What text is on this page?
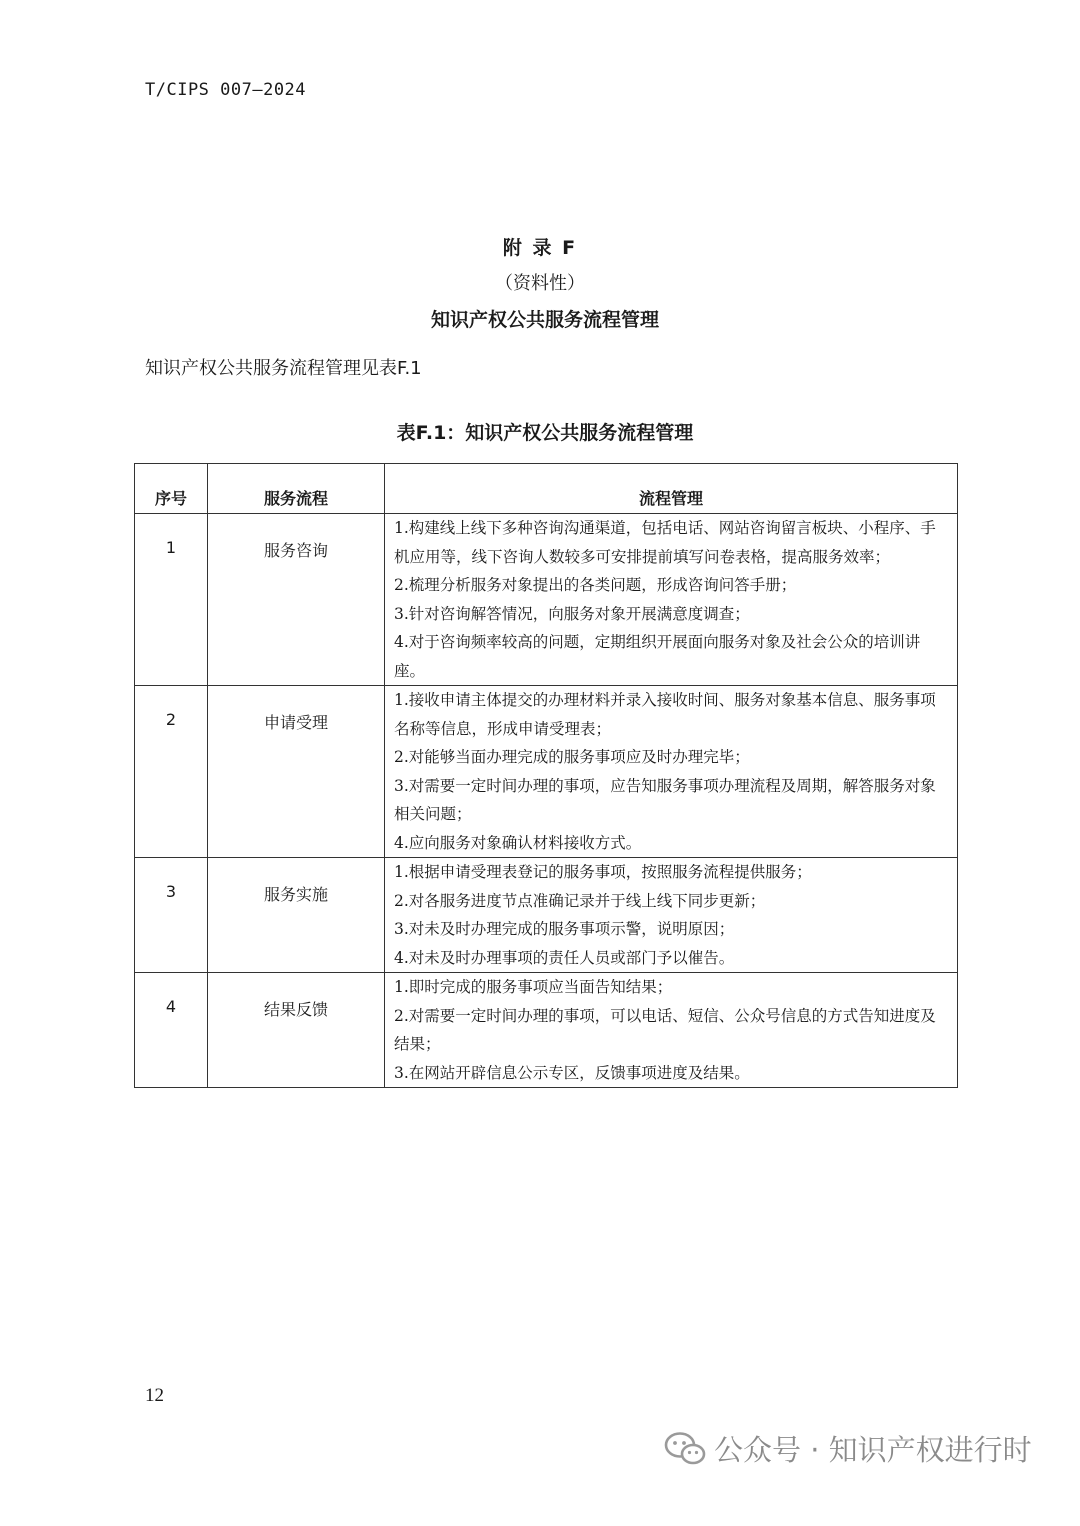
T/CIPS 007—2024
附 录 F
（资料性）
知识产权公共服务流程管理
知识产权公共服务流程管理见表F.1
表F.1：知识产权公共服务流程管理
序号	服务流程	流程管理
1	服务咨询	1.构建线上线下多种咨询沟通渠道，包括电话、网站咨询留言板块、小程序、手机应用等，线下咨询人数较多可安排提前填写问卷表格，提高服务效率；
2.梳理分析服务对象提出的各类问题，形成咨询问答手册；
3.针对咨询解答情况，向服务对象开展满意度调查；
4.对于咨询频率较高的问题，定期组织开展面向服务对象及社会公众的培训讲座。

2	申请受理	1.接收申请主体提交的办理材料并录入接收时间、服务对象基本信息、服务事项名称等信息，形成申请受理表；
2.对能够当面办理完成的服务事项应及时办理完毕；
3.对需要一定时间办理的事项，应告知服务事项办理流程及周期，解答服务对象相关问题；
4.应向服务对象确认材料接收方式。

3	服务实施	1.根据申请受理表登记的服务事项，按照服务流程提供服务；
2.对各服务进度节点准确记录并于线上线下同步更新；
3.对未及时办理完成的服务事项示警，说明原因；
4.对未及时办理事项的责任人员或部门予以催告。

4	结果反馈	1.即时完成的服务事项应当面告知结果；
2.对需要一定时间办理的事项，可以电话、短信、公众号信息的方式告知进度及结果；
3.在网站开辟信息公示专区，反馈事项进度及结果。
12
公众号 · 知识产权进行时
